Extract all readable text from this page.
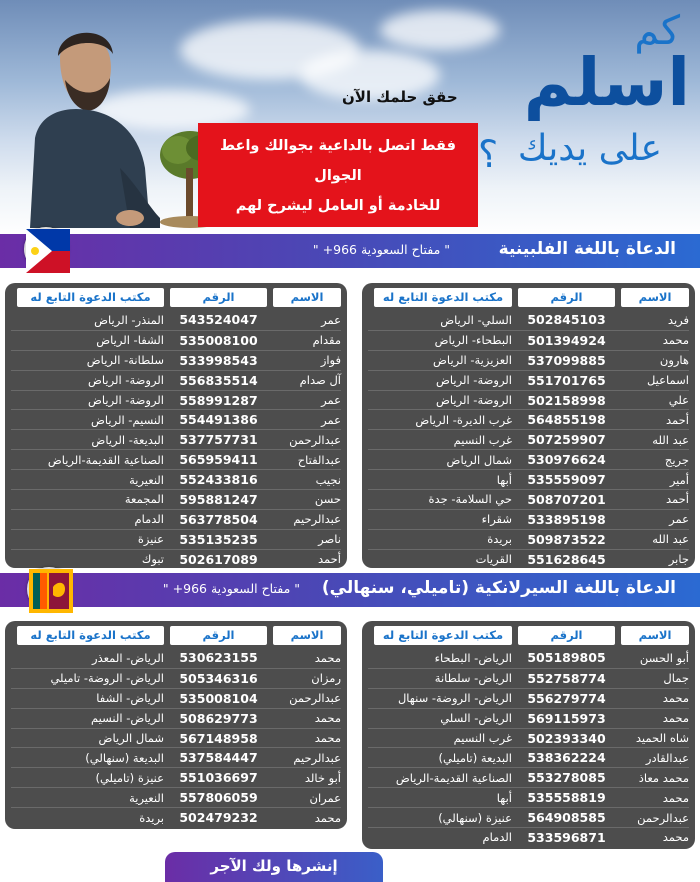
كم
اسلم
على يديك
؟
حقق حلمك الآن
فقط اتصل بالداعية بجوالك واعط الجوال
للخادمة أو العامل ليشرح لهم
الدعاة باللغة الفلبينية
" مفتاح السعودية 966+ "
الاسم
الرقم
مكتب الدعوة التابع له
فريد
502845103
السلي- الرياض
محمد
501394924
البطحاء- الرياض
هارون
537099885
العزيزية- الرياض
اسماعيل
551701765
الروضة- الرياض
علي
502158998
الروضة- الرياض
أحمد
564855198
غرب الديرة- الرياض
عبد الله
507259907
غرب النسيم
جريج
530976624
شمال الرياض
أمير
535559097
أبها
أحمد
508707201
حي السلامة- جدة
عمر
533895198
شقراء
عبد الله
509873522
بريدة
جابر
551628645
القريات
الاسم
الرقم
مكتب الدعوة التابع له
عمر
543524047
المنذر- الرياض
مقدام
535008100
الشفا- الرياض
فواز
533998543
سلطانة- الرياض
آل صدام
556835514
الروضة- الرياض
عمر
558991287
الروضة- الرياض
عمر
554491386
النسيم- الرياض
عبدالرحمن
537757731
البديعة- الرياض
عبدالفتاح
565959411
الصناعية القديمة-الرياض
نجيب
552433816
النعيرية
حسن
595881247
المجمعة
عبدالرحيم
563778504
الدمام
ناصر
535135235
عنيزة
أحمد
502617089
تبوك
الدعاة باللغة السيرلانكية (تاميلي، سنهالي)
" مفتاح السعودية 966+ "
الاسم
الرقم
مكتب الدعوة التابع له
أبو الحسن
505189805
الرياض- البطحاء
جمال
552758774
الرياض- سلطانة
محمد
556279774
الرياض- الروضة- سنهال
محمد
569115973
الرياض- السلي
شاه الحميد
502393340
غرب النسيم
عبدالقادر
538362224
البديعة (تاميلي)
محمد معاذ
553278085
الصناعية القديمة-الرياض
محمد
535558819
أبها
عبدالرحمن
564908585
عنيزة (سنهالي)
محمد
533596871
الدمام
الاسم
الرقم
مكتب الدعوة التابع له
محمد
530623155
الرياض- المعذر
رمزان
505346316
الرياض- الروضة- تاميلي
عبدالرحمن
535008104
الرياض- الشفا
محمد
508629773
الرياض- النسيم
محمد
567148958
شمال الرياض
عبدالرحيم
537584447
البديعة (سنهالي)
أبو خالد
551036697
عنيزة (تاميلي)
عمران
557806059
النعيرية
محمد
502479232
بريدة
إنشرها ولك الآجر
